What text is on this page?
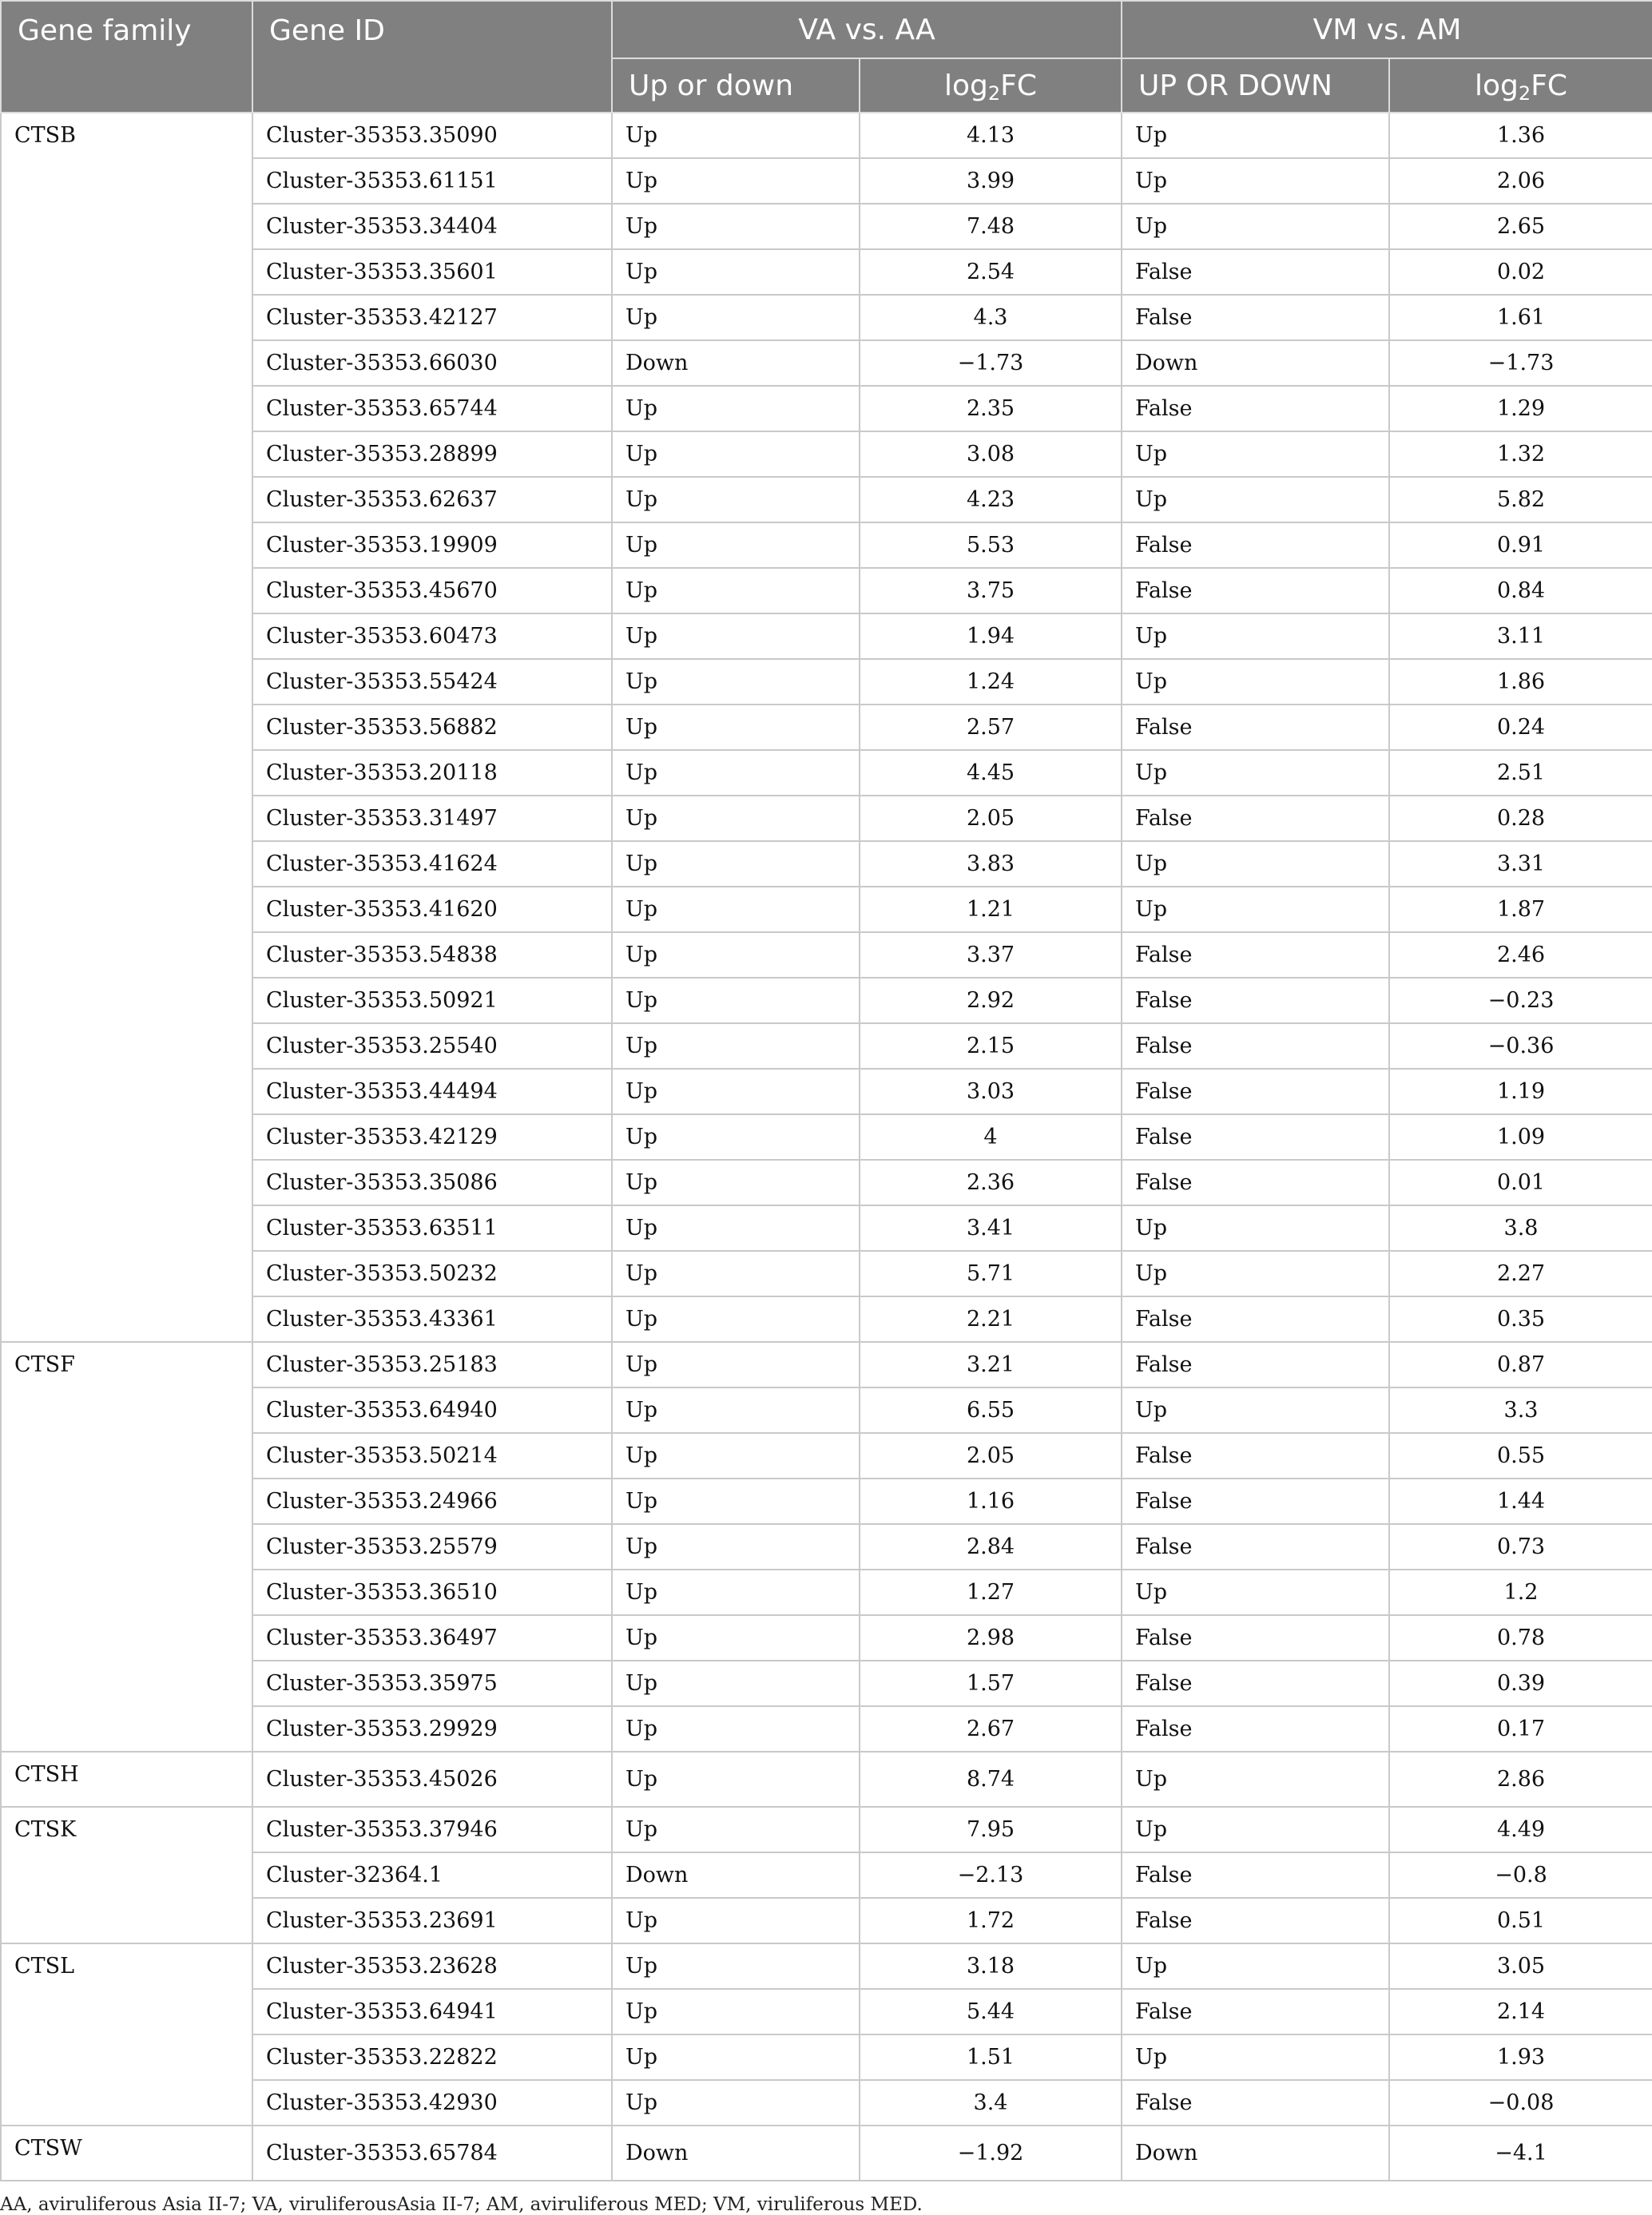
Gene family	Gene ID	VA vs. AA		VM vs. AM	
		Up or down	$\log_2FC$	UP OR DOWN	$\log_2FC$
CTSB	Cluster-35353.35090	Up	4.13	Up	1.36
	Cluster-35353.61151	Up	3.99	Up	2.06
	Cluster-35353.34404	Up	7.48	Up	2.65
	Cluster-35353.35601	Up	2.54	False	0.02
	Cluster-35353.42127	Up	4.3	False	1.61
	Cluster-35353.66030	Down	−1.73	Down	−1.73
	Cluster-35353.65744	Up	2.35	False	1.29
	Cluster-35353.28899	Up	3.08	Up	1.32
	Cluster-35353.62637	Up	4.23	Up	5.82
	Cluster-35353.19909	Up	5.53	False	0.91
	Cluster-35353.45670	Up	3.75	False	0.84
	Cluster-35353.60473	Up	1.94	Up	3.11
	Cluster-35353.55424	Up	1.24	Up	1.86
	Cluster-35353.56882	Up	2.57	False	0.24
	Cluster-35353.20118	Up	4.45	Up	2.51
	Cluster-35353.31497	Up	2.05	False	0.28
	Cluster-35353.41624	Up	3.83	Up	3.31
	Cluster-35353.41620	Up	1.21	Up	1.87
	Cluster-35353.54838	Up	3.37	False	2.46
	Cluster-35353.50921	Up	2.92	False	−0.23
	Cluster-35353.25540	Up	2.15	False	−0.36
	Cluster-35353.44494	Up	3.03	False	1.19
	Cluster-35353.42129	Up	4	False	1.09
	Cluster-35353.35086	Up	2.36	False	0.01
	Cluster-35353.63511	Up	3.41	Up	3.8
	Cluster-35353.50232	Up	5.71	Up	2.27
	Cluster-35353.43361	Up	2.21	False	0.35
CTSF	Cluster-35353.25183	Up	3.21	False	0.87
	Cluster-35353.64940	Up	6.55	Up	3.3
	Cluster-35353.50214	Up	2.05	False	0.55
	Cluster-35353.24966	Up	1.16	False	1.44
	Cluster-35353.25579	Up	2.84	False	0.73
	Cluster-35353.36510	Up	1.27	Up	1.2
	Cluster-35353.36497	Up	2.98	False	0.78
	Cluster-35353.35975	Up	1.57	False	0.39
	Cluster-35353.29929	Up	2.67	False	0.17
CTSH	Cluster-35353.45026	Up	8.74	Up	2.86
CTSK	Cluster-35353.37946	Up	7.95	Up	4.49
	Cluster-32364.1	Down	−2.13	False	−0.8
	Cluster-35353.23691	Up	1.72	False	0.51
CTSL	Cluster-35353.23628	Up	3.18	Up	3.05
	Cluster-35353.64941	Up	5.44	False	2.14
	Cluster-35353.22822	Up	1.51	Up	1.93
	Cluster-35353.42930	Up	3.4	False	−0.08
CTSW	Cluster-35353.65784	Down	−1.92	Down	−4.1
AA, aviruliferous Asia II-7; VA, viruliferousAsia II-7; AM, aviruliferous MED; VM, viruliferous MED.
